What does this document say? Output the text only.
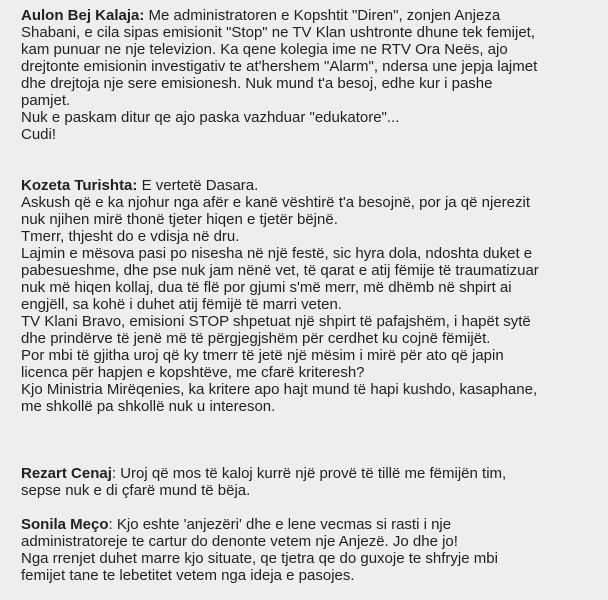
Aulon Bej Kalaja: Me administratoren e Kopshtit "Diren", zonjen Anjeza
Shabani, e cila sipas emisionit "Stop" ne TV Klan ushtronte dhune tek femijet,
kam punuar ne nje televizion. Ka qene kolegia ime ne RTV Ora Neës, ajo
drejtonte emisionin investigativ te at'hershem "Alarm", ndersa une jepja lajmet
dhe drejtoja nje sere emisionesh. Nuk mund t'a besoj, edhe kur i pashe
pamjet.
Nuk e paskam ditur qe ajo paska vazhduar "edukatore"...
Cudi!
Kozeta Turishta: E vertetë Dasara.
Askush që e ka njohur nga afër e kanë vështirë t'a besojnë, por ja që njerezit
nuk njihen mirë thonë tjeter hiqen e tjetër bëjnë.
Tmerr, thjesht do e vdisja në dru.
Lajmin e mësova pasi po nisesha në një festë, sic hyra dola, ndoshta duket e
pabesueshme, dhe pse nuk jam nënë vet, të qarat e atij fëmije të traumatizuar
nuk më hiqen kollaj, dua të flë por gjumi s'më merr, më dhëmb në shpirt ai
engjëll, sa kohë i duhet atij fëmijë të marri veten.
TV Klani Bravo, emisioni STOP shpetuat një shpirt të pafajshëm, i hapët sytë
dhe prindërve të jenë më të përgjegjshëm për cerdhet ku cojnë fëmijët.
Por mbi të gjitha uroj që ky tmerr të jetë një mësim i mirë për ato që japin
licenca për hapjen e kopshtëve, me cfarë kriteresh?
Kjo Ministria Mirëqenies, ka kritere apo hajt mund të hapi kushdo, kasaphane,
me shkollë pa shkollë nuk u intereson.
Rezart Cenaj: Uroj që mos të kaloj kurrë një provë të tillë me fëmijën tim,
sepse nuk e di çfarë mund të bëja.
Sonila Meço: Kjo eshte 'anjezëri' dhe e lene vecmas si rasti i nje
administratoreje te cartur do denonte vetem nje Anjezë. Jo dhe jo!
Nga rrenjet duhet marre kjo situate, qe tjetra qe do guxoje te shfryje mbi
femijet tane te lebetitet vetem nga ideja e pasojes.
